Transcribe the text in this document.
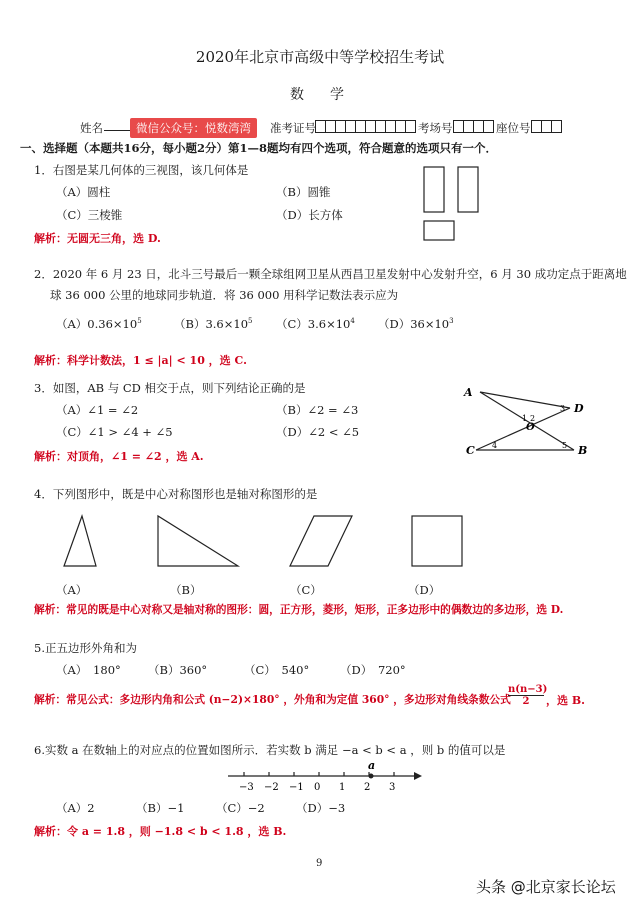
2020年北京市高级中等学校招生考试
数　学
姓名	微信公众号：悦数湾湾	准考证号	考场号	座位号
一、选择题（本题共16分，每小题2分）第1—8题均有四个选项，符合题意的选项只有一个．
1．右图是某几何体的三视图，该几何体是
（A）圆柱	（B）圆锥
（C）三棱锥	（D）长方体
解析：无圆无三角，选 D.
2．2020 年 6 月 23 日，北斗三号最后一颗全球组网卫星从西昌卫星发射中心发射升空，6 月 30 成功定点于距离地
球 36 000 公里的地球同步轨道．将 36 000 用科学记数法表示应为
$(A)0.36\times 10^5$	$(B)3.6\times 10^5$ $(C)3.6\times 10^4$ $(D)36\times 10^3$
解析：科学计数法，1 ≤ |a| < 10 ，选 C.
3．如图，AB 与 CD 相交于点，则下列结论正确的是
（A）∠1 = ∠2	（B）∠2 = ∠3
（C）∠1 > ∠4 + ∠5	（D）∠2 < ∠5
解析：对顶角，∠1 = ∠2 ，选 A.
A
D
C	B
O
1 2
3
4	5
4．下列图形中，既是中心对称图形也是轴对称图形的是
（A）	（B）	（C）	（D）
解析：常见的既是中心对称又是轴对称的图形：圆，正方形，菱形，矩形，正多边形中的偶数边的多边形，选 D.
5.正五边形外角和为
（A）　180° （B）360°	（C）　540°	（D）　720°
解析：常见公式：多边形内角和公式 (n−2)×180° ，外角和为定值 360° ，多边形对角线条数公式
$\frac{n(n-3)}{2}$ ，选 B.
6.实数 a 在数轴上的对应点的位置如图所示．若实数 b 满足 −a < b < a ，则 b 的值可以是
−3 −2 −1 0 1 2 3
a
（A）2	（B）−1	（C）−2	（D）−3
解析：令 a = 1.8 ，则 −1.8 < b < 1.8 ，选 B.
9
头条 @北京家长论坛
